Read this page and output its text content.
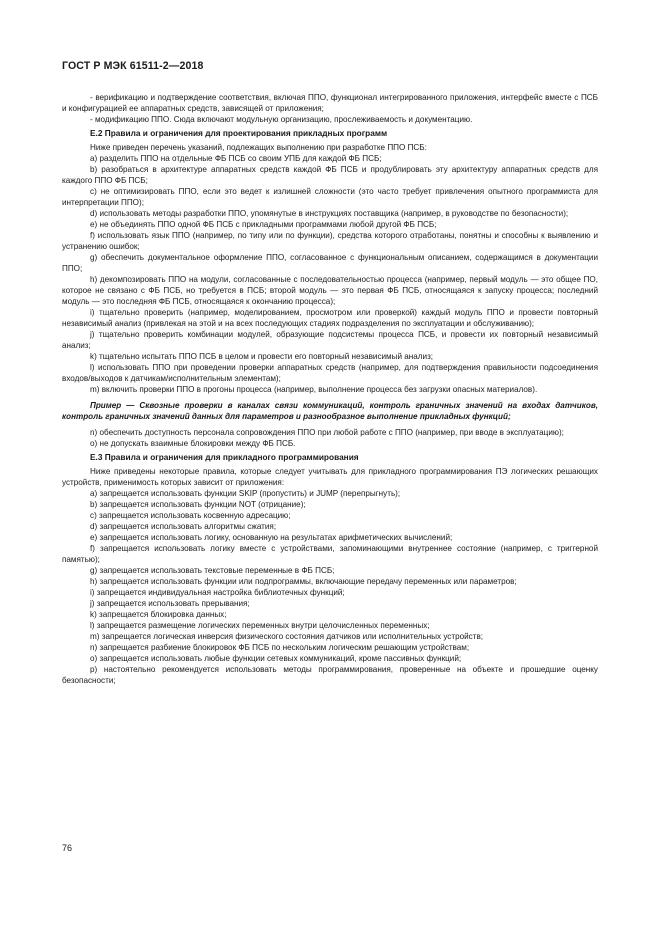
ГОСТ Р МЭК 61511-2—2018

- верификацию и подтверждение соответствия, включая ППО, функционал интегрированного приложения, интерфейс вместе с ПСБ и конфигурацией ее аппаратных средств, зависящей от приложения;

- модификацию ППО. Сюда включают модульную организацию, прослеживаемость и документацию.

Е.2 Правила и ограничения для проектирования прикладных программ

Ниже приведен перечень указаний, подлежащих выполнению при разработке ППО ПСБ:

a) разделить ППО на отдельные ФБ ПСБ со своим УПБ для каждой ФБ ПСБ;

b) разобраться в архитектуре аппаратных средств каждой ФБ ПСБ и продублировать эту архитектуру аппаратных средств для каждого ППО ФБ ПСБ;

c) не оптимизировать ППО, если это ведет к излишней сложности (это часто требует привлечения опытного программиста для интерпретации ППО);

d) использовать методы разработки ППО, упомянутые в инструкциях поставщика (например, в руководстве по безопасности);

e) не объединять ППО одной ФБ ПСБ с прикладными программами любой другой ФБ ПСБ;

f) использовать язык ППО (например, по типу или по функции), средства которого отработаны, понятны и способны к выявлению и устранению ошибок;

g) обеспечить документальное оформление ППО, согласованное с функциональным описанием, содержащимся в документации ППО;

h) декомпозировать ППО на модули, согласованные с последовательностью процесса (например, первый модуль — это общее ПО, которое не связано с ФБ ПСБ, но требуется в ПСБ; второй модуль — это первая ФБ ПСБ, относящаяся к запуску процесса; последний модуль — это последняя ФБ ПСБ, относящаяся к окончанию процесса);

i) тщательно проверить (например, моделированием, просмотром или проверкой) каждый модуль ППО и провести повторный независимый анализ (привлекая на этой и на всех последующих стадиях подразделения по эксплуатации и обслуживанию);

j) тщательно проверить комбинации модулей, образующие подсистемы процесса ПСБ, и провести их повторный независимый анализ;

k) тщательно испытать ППО ПСБ в целом и провести его повторный независимый анализ;

l) использовать ППО при проведении проверки аппаратных средств (например, для подтверждения правильности подсоединения входов/выходов к датчикам/исполнительным элементам);

m) включить проверки ППО в прогоны процесса (например, выполнение процесса без загрузки опасных материалов).

Пример — Сквозные проверки в каналах связи коммуникаций, контроль граничных значений на входах датчиков, контроль граничных значений данных для параметров и разнообразное выполнение прикладных функций;

n) обеспечить доступность персонала сопровождения ППО при любой работе с ППО (например, при вводе в эксплуатацию);

o) не допускать взаимные блокировки между ФБ ПСБ.

Е.3 Правила и ограничения для прикладного программирования

Ниже приведены некоторые правила, которые следует учитывать для прикладного программирования ПЭ логических решающих устройств, применимость которых зависит от приложения:

a) запрещается использовать функции SKIP (пропустить) и JUMP (перепрыгнуть);

b) запрещается использовать функции NOT (отрицание);

c) запрещается использовать косвенную адресацию;

d) запрещается использовать алгоритмы сжатия;

e) запрещается использовать логику, основанную на результатах арифметических вычислений;

f) запрещается использовать логику вместе с устройствами, запоминающими внутреннее состояние (например, с триггерной памятью);

g) запрещается использовать текстовые переменные в ФБ ПСБ;

h) запрещается использовать функции или подпрограммы, включающие передачу переменных или параметров;

i) запрещается индивидуальная настройка библиотечных функций;

j) запрещается использовать прерывания;

k) запрещается блокировка данных;

l) запрещается размещение логических переменных внутри целочисленных переменных;

m) запрещается логическая инверсия физического состояния датчиков или исполнительных устройств;

n) запрещается разбиение блокировок ФБ ПСБ по нескольким логическим решающим устройствам;

o) запрещается использовать любые функции сетевых коммуникаций, кроме пассивных функций;

p) настоятельно рекомендуется использовать методы программирования, проверенные на объекте и прошедшие оценку безопасности;

76
